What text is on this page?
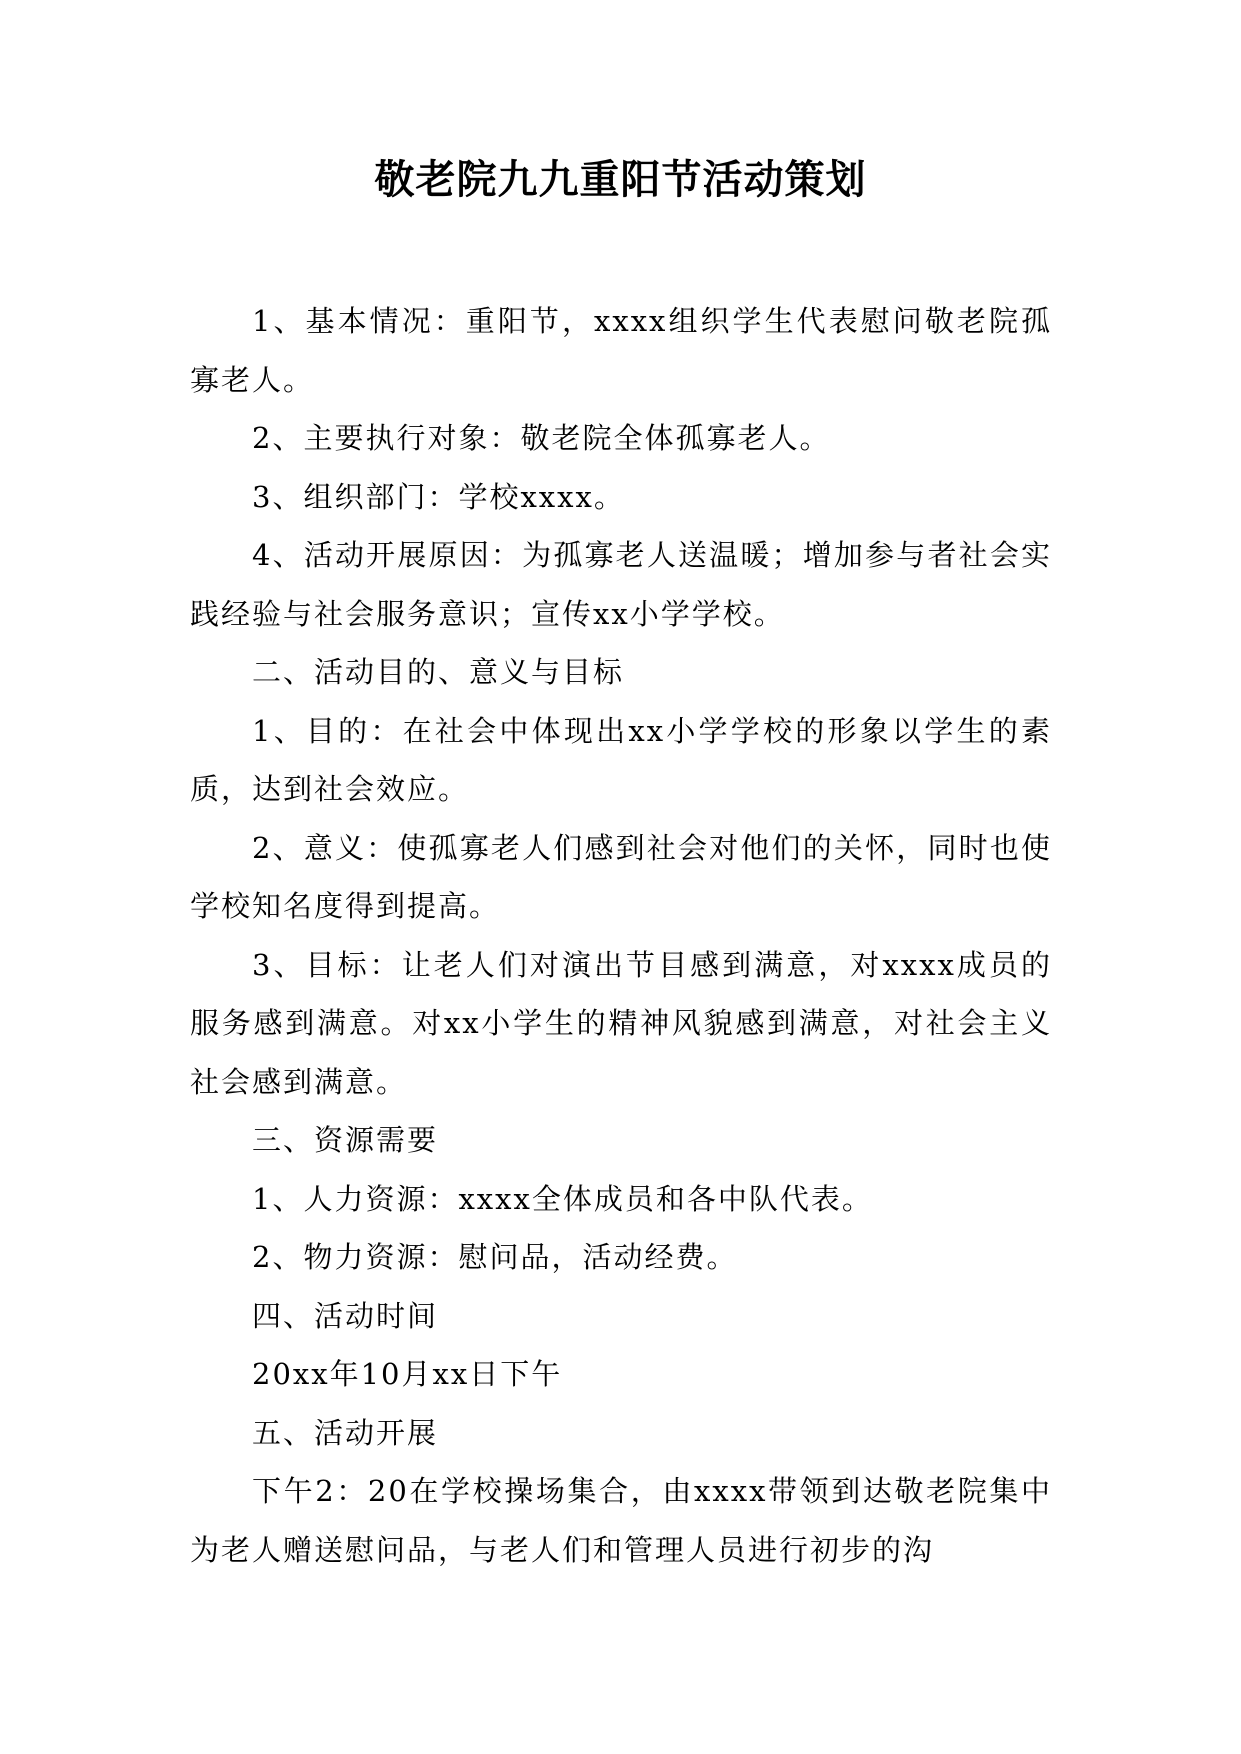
敬老院九九重阳节活动策划

1、基本情况：重阳节，xxxx组织学生代表慰问敬老院孤寡老人。

2、主要执行对象：敬老院全体孤寡老人。

3、组织部门：学校xxxx。

4、活动开展原因：为孤寡老人送温暖；增加参与者社会实践经验与社会服务意识；宣传xx小学学校。

二、活动目的、意义与目标

1、目的：在社会中体现出xx小学学校的形象以学生的素质，达到社会效应。

2、意义：使孤寡老人们感到社会对他们的关怀，同时也使学校知名度得到提高。

3、目标：让老人们对演出节目感到满意，对xxxx成员的服务感到满意。对xx小学生的精神风貌感到满意，对社会主义社会感到满意。

三、资源需要

1、人力资源：xxxx全体成员和各中队代表。

2、物力资源：慰问品，活动经费。

四、活动时间

20xx年10月xx日下午

五、活动开展

下午2：20在学校操场集合，由xxxx带领到达敬老院集中为老人赠送慰问品，与老人们和管理人员进行初步的沟
